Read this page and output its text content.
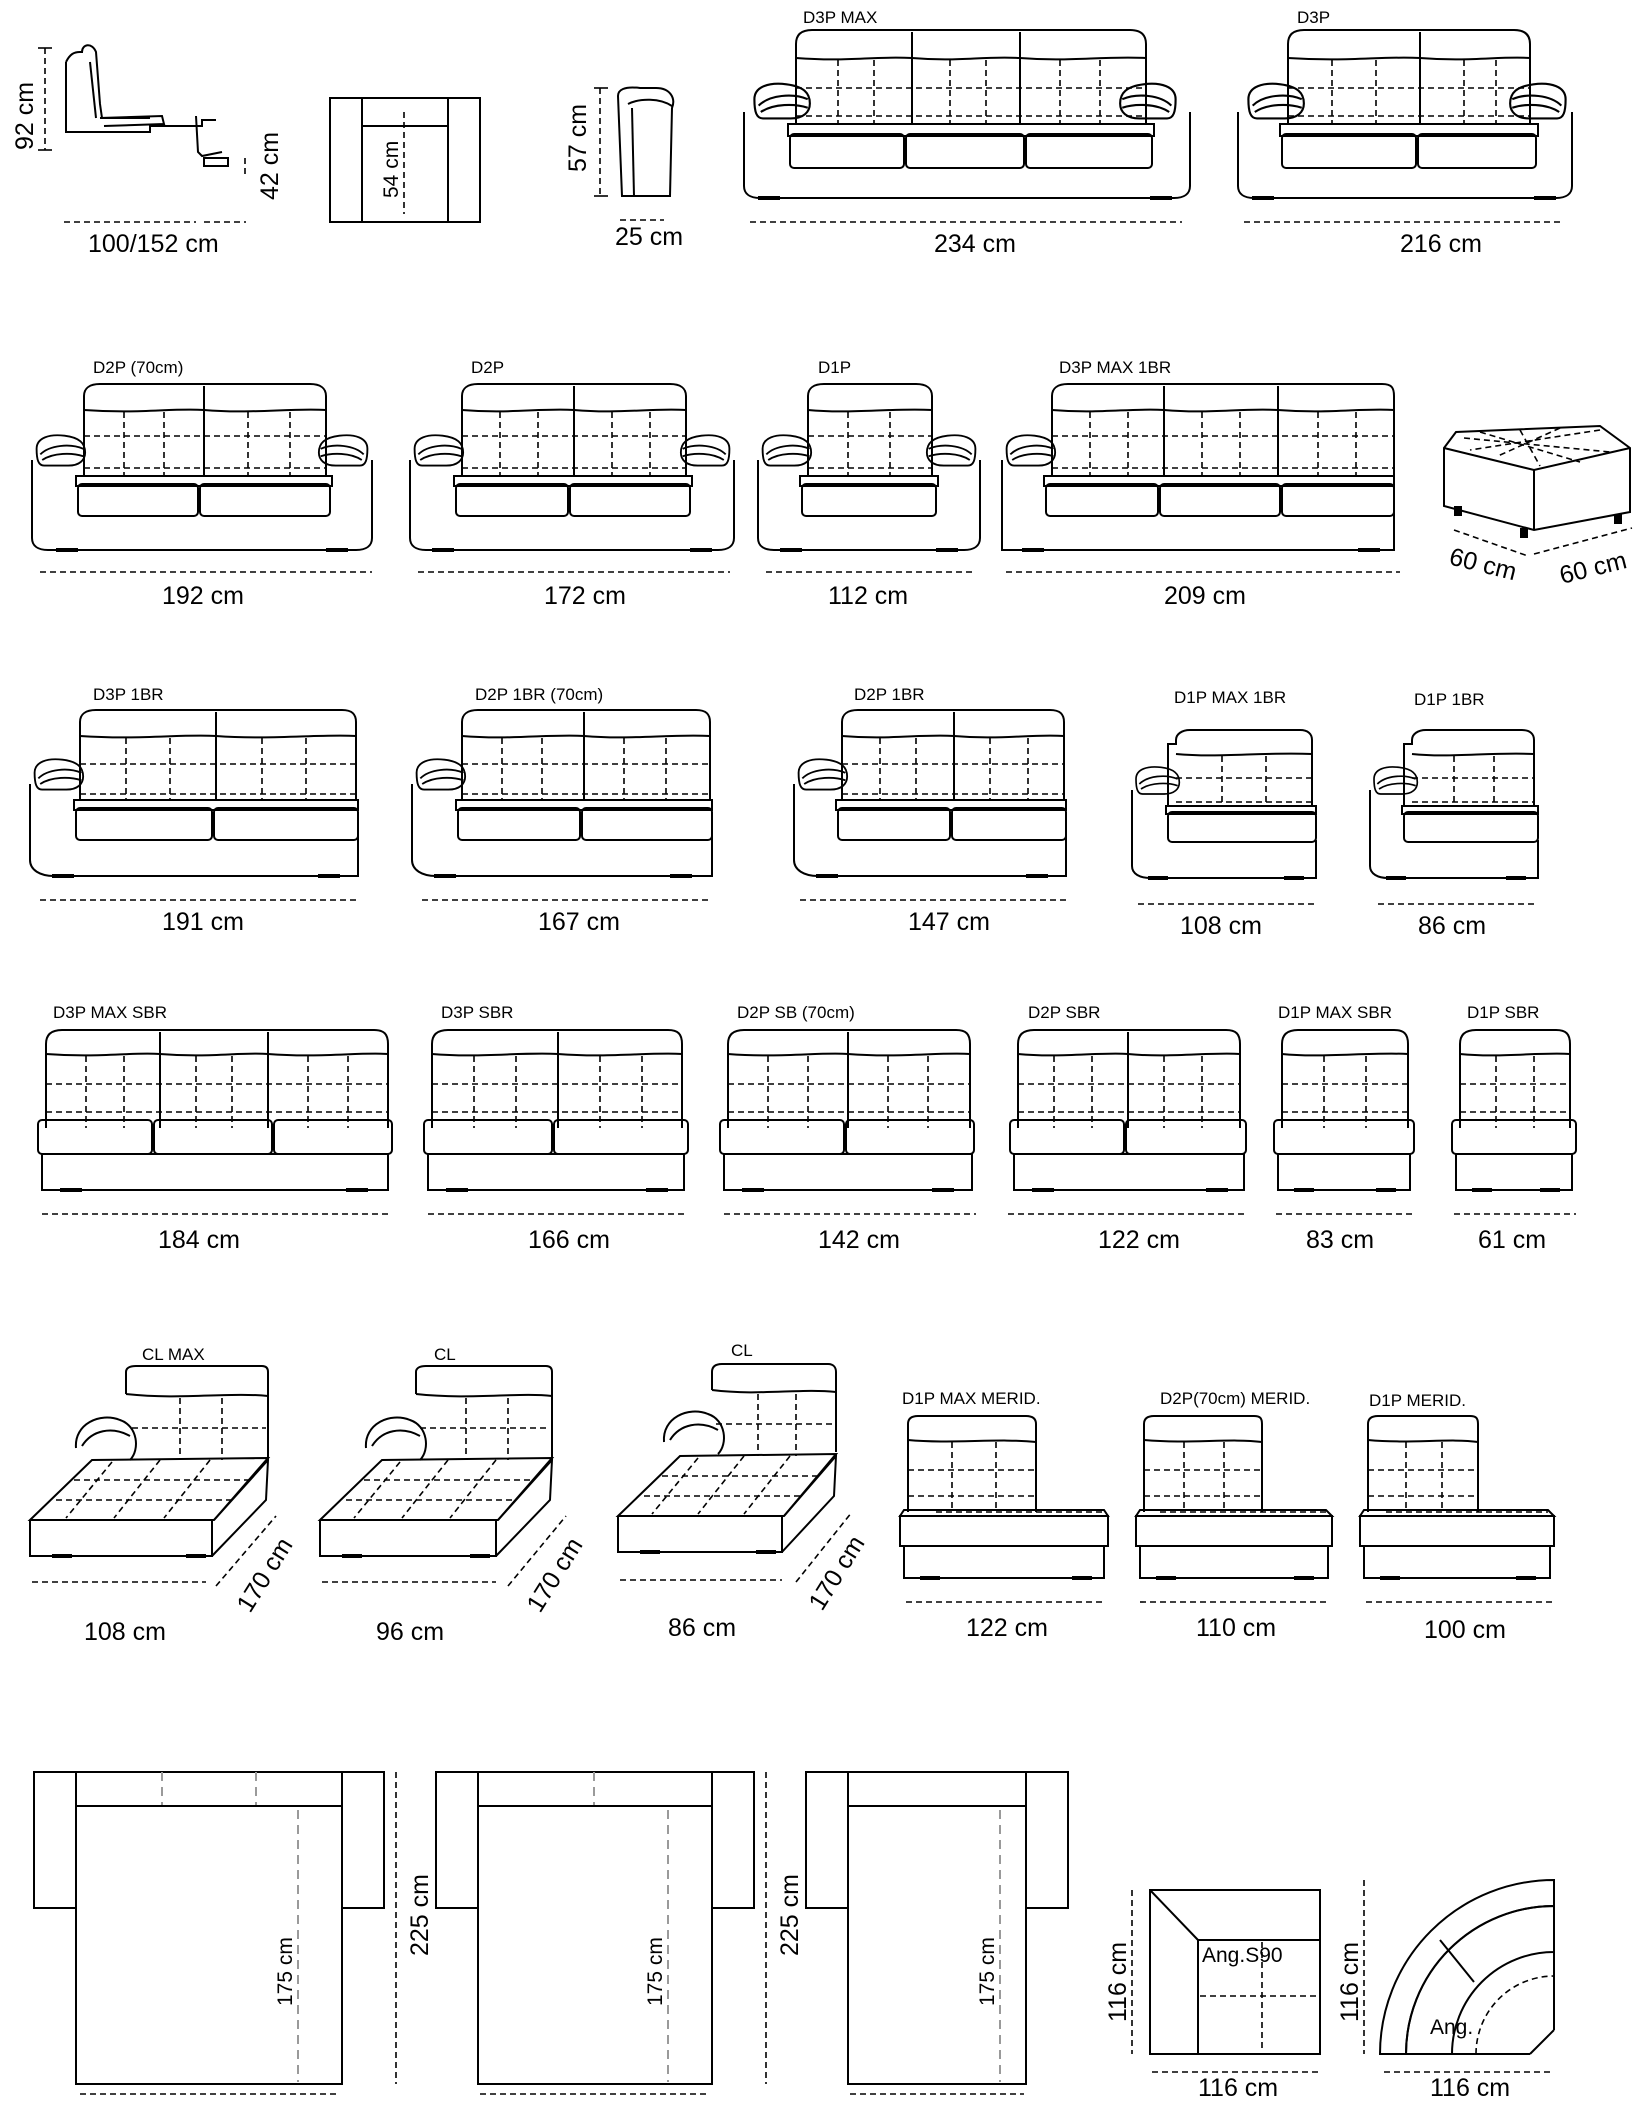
92 cm
42 cm
100/152 cm
54 cm	57 cm
25 cm
D3P MAX
234 cm
D3P
216 cm
D2P (70cm)
192 cm
D2P
172 cm
D1P
112 cm
D3P MAX 1BR
209 cm
60 cm 60 cm
D3P 1BR
191 cm
D2P 1BR (70cm)
167 cm
D2P 1BR
147 cm
D1P MAX 1BR
108 cm
D1P 1BR
86 cm
D3P MAX SBR
184 cm
D3P SBR
166 cm
D2P SB (70cm)
142 cm
D2P SBR
122 cm
D1P MAX SBR
83 cm
D1P SBR
61 cm
CL MAX
108 cm
170 cm
CL
96 cm
170 cm
CL
86 cm
170 cm
D1P MAX MERID.
122 cm
D2P(70cm) MERID.
110 cm
D1P MERID.
100 cm
225 cm
175 cm
225 cm
175 cm	175 cm	Ang.S90
116 cm
116 cm
Ang.
116 cm
116 cm
